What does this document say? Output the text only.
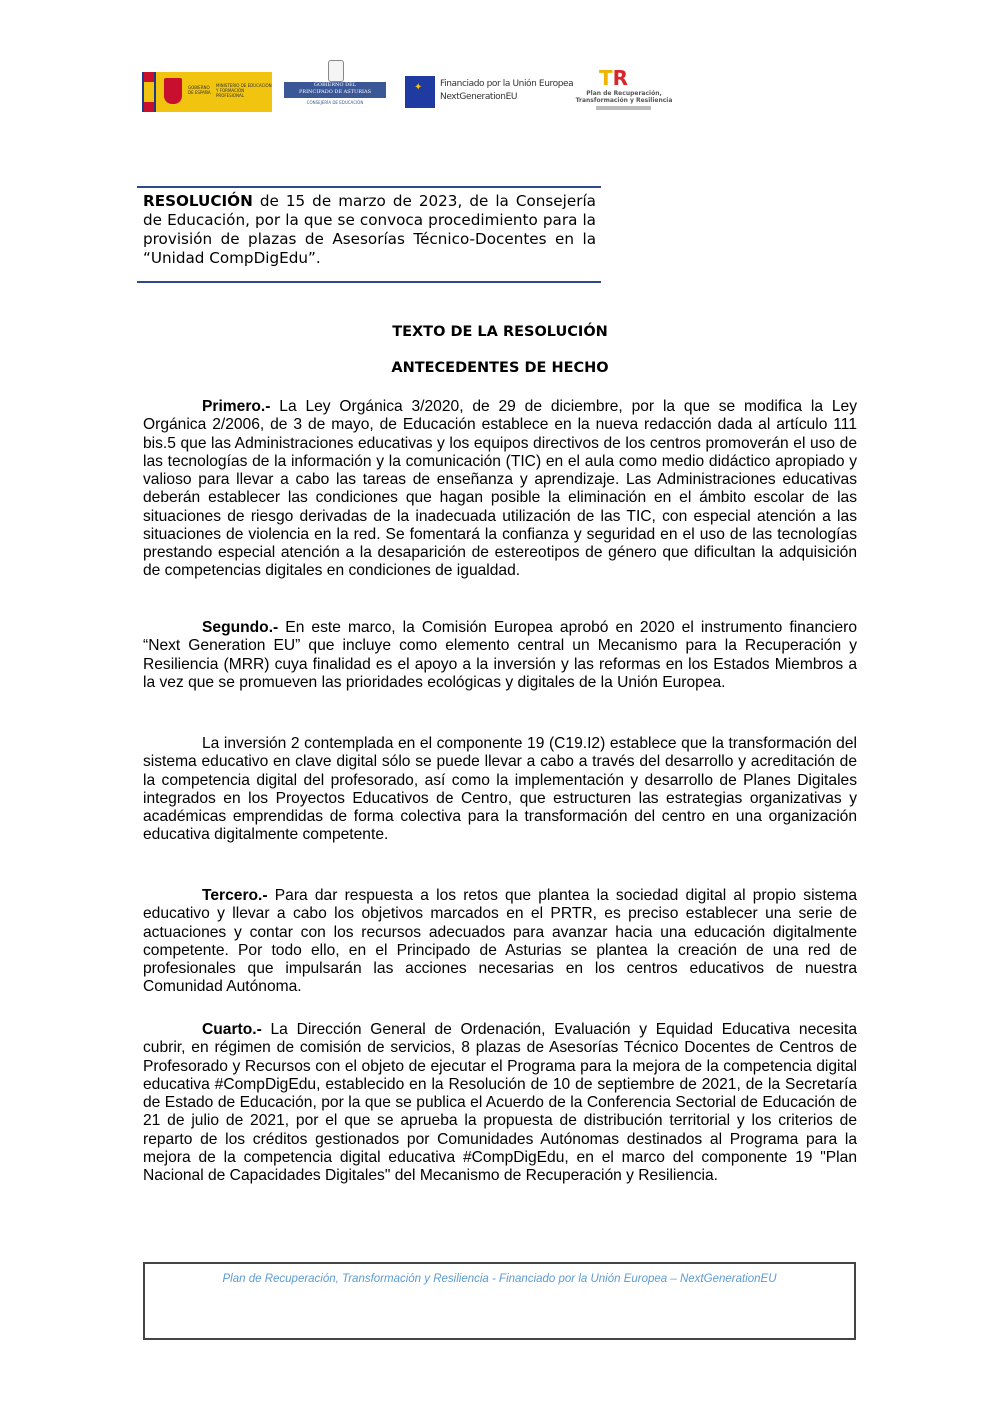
GOBIERNO DE ESPAÑA
MINISTERIO DE EDUCACIÓN Y FORMACIÓN PROFESIONAL
GOBIERNO DEL
PRINCIPADO DE ASTURIAS
CONSEJERÍA DE EDUCACIÓN
✦
Financiado por la Unión Europea
NextGenerationEU
TR
Plan de Recuperación,
Transformación y Resiliencia
RESOLUCIÓN de 15 de marzo de 2023, de la Consejería de Educación, por la que se convoca procedimiento para la provisión de plazas de Asesorías Técnico-Docentes en la “Unidad CompDigEdu”.
TEXTO DE LA RESOLUCIÓN
ANTECEDENTES DE HECHO
Primero.- La Ley Orgánica 3/2020, de 29 de diciembre, por la que se modifica la Ley Orgánica 2/2006, de 3 de mayo, de Educación establece en la nueva redacción dada al artículo 111 bis.5 que las Administraciones educativas y los equipos directivos de los centros promoverán el uso de las tecnologías de la información y la comunicación (TIC) en el aula como medio didáctico apropiado y valioso para llevar a cabo las tareas de enseñanza y aprendizaje. Las Administraciones educativas deberán establecer las condiciones que hagan posible la eliminación en el ámbito escolar de las situaciones de riesgo derivadas de la inadecuada utilización de las TIC, con especial atención a las situaciones de violencia en la red. Se fomentará la confianza y seguridad en el uso de las tecnologías prestando especial atención a la desaparición de estereotipos de género que dificultan la adquisición de competencias digitales en condiciones de igualdad.
Segundo.- En este marco, la Comisión Europea aprobó en 2020 el instrumento financiero “Next Generation EU” que incluye como elemento central un Mecanismo para la Recuperación y Resiliencia (MRR) cuya finalidad es el apoyo a la inversión y las reformas en los Estados Miembros a la vez que se promueven las prioridades ecológicas y digitales de la Unión Europea.
La inversión 2 contemplada en el componente 19 (C19.I2) establece que la transformación del sistema educativo en clave digital sólo se puede llevar a cabo a través del desarrollo y acreditación de la competencia digital del profesorado, así como la implementación y desarrollo de Planes Digitales integrados en los Proyectos Educativos de Centro, que estructuren las estrategias organizativas y académicas emprendidas de forma colectiva para la transformación del centro en una organización educativa digitalmente competente.
Tercero.- Para dar respuesta a los retos que plantea la sociedad digital al propio sistema educativo y llevar a cabo los objetivos marcados en el PRTR, es preciso establecer una serie de actuaciones y contar con los recursos adecuados para avanzar hacia una educación digitalmente competente. Por todo ello, en el Principado de Asturias se plantea la creación de una red de profesionales que impulsarán las acciones necesarias en los centros educativos de nuestra Comunidad Autónoma.
Cuarto.- La Dirección General de Ordenación, Evaluación y Equidad Educativa necesita cubrir, en régimen de comisión de servicios, 8 plazas de Asesorías Técnico Docentes de Centros de Profesorado y Recursos con el objeto de ejecutar el Programa para la mejora de la competencia digital educativa #CompDigEdu, establecido en la Resolución de 10 de septiembre de 2021, de la Secretaría de Estado de Educación, por la que se publica el Acuerdo de la Conferencia Sectorial de Educación de 21 de julio de 2021, por el que se aprueba la propuesta de distribución territorial y los criterios de reparto de los créditos gestionados por Comunidades Autónomas destinados al Programa para la mejora de la competencia digital educativa #CompDigEdu, en el marco del componente 19 "Plan Nacional de Capacidades Digitales" del Mecanismo de Recuperación y Resiliencia.
Plan de Recuperación, Transformación y Resiliencia - Financiado por la Unión Europea – NextGenerationEU
